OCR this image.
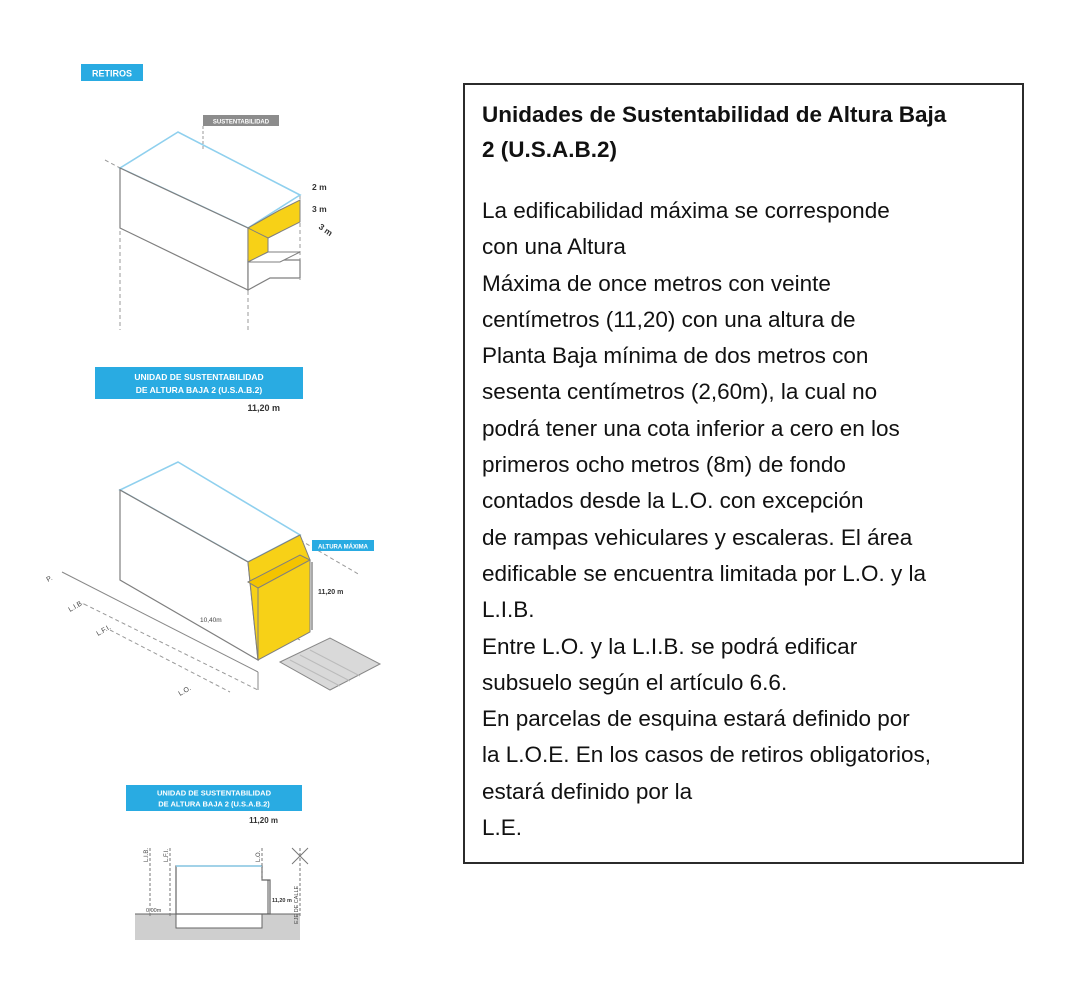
RETIROS
SUSTENTABILIDAD
2 m
3 m
3 m
UNIDAD DE SUSTENTABILIDAD
DE ALTURA BAJA 2 (U.S.A.B.2)
11,20 m
ALTURA MÁXIMA
11,20 m
10,40m
P.
L.I.B.
L.F.I.
L.O.
UNIDAD DE SUSTENTABILIDAD
DE ALTURA BAJA 2 (U.S.A.B.2)
11,20 m
L.I.B. L.F.I.	L.O.
EJE DE CALLE
0,00m
11,20 m
Unidades de Sustentabilidad de Altura Baja
2 (U.S.A.B.2)
La edificabilidad máxima se corresponde
con una Altura
Máxima de once metros con veinte
centímetros (11,20) con una altura de
Planta Baja mínima de dos metros con
sesenta centímetros (2,60m), la cual no
podrá tener una cota inferior a cero en los
primeros ocho metros (8m) de fondo
contados desde la L.O. con excepción
de rampas vehiculares y escaleras. El área
edificable se encuentra limitada por L.O. y la
L.I.B.
Entre L.O. y la L.I.B. se podrá edificar
subsuelo según el artículo 6.6.
En parcelas de esquina estará definido por
la L.O.E. En los casos de retiros obligatorios,
estará definido por la
L.E.
